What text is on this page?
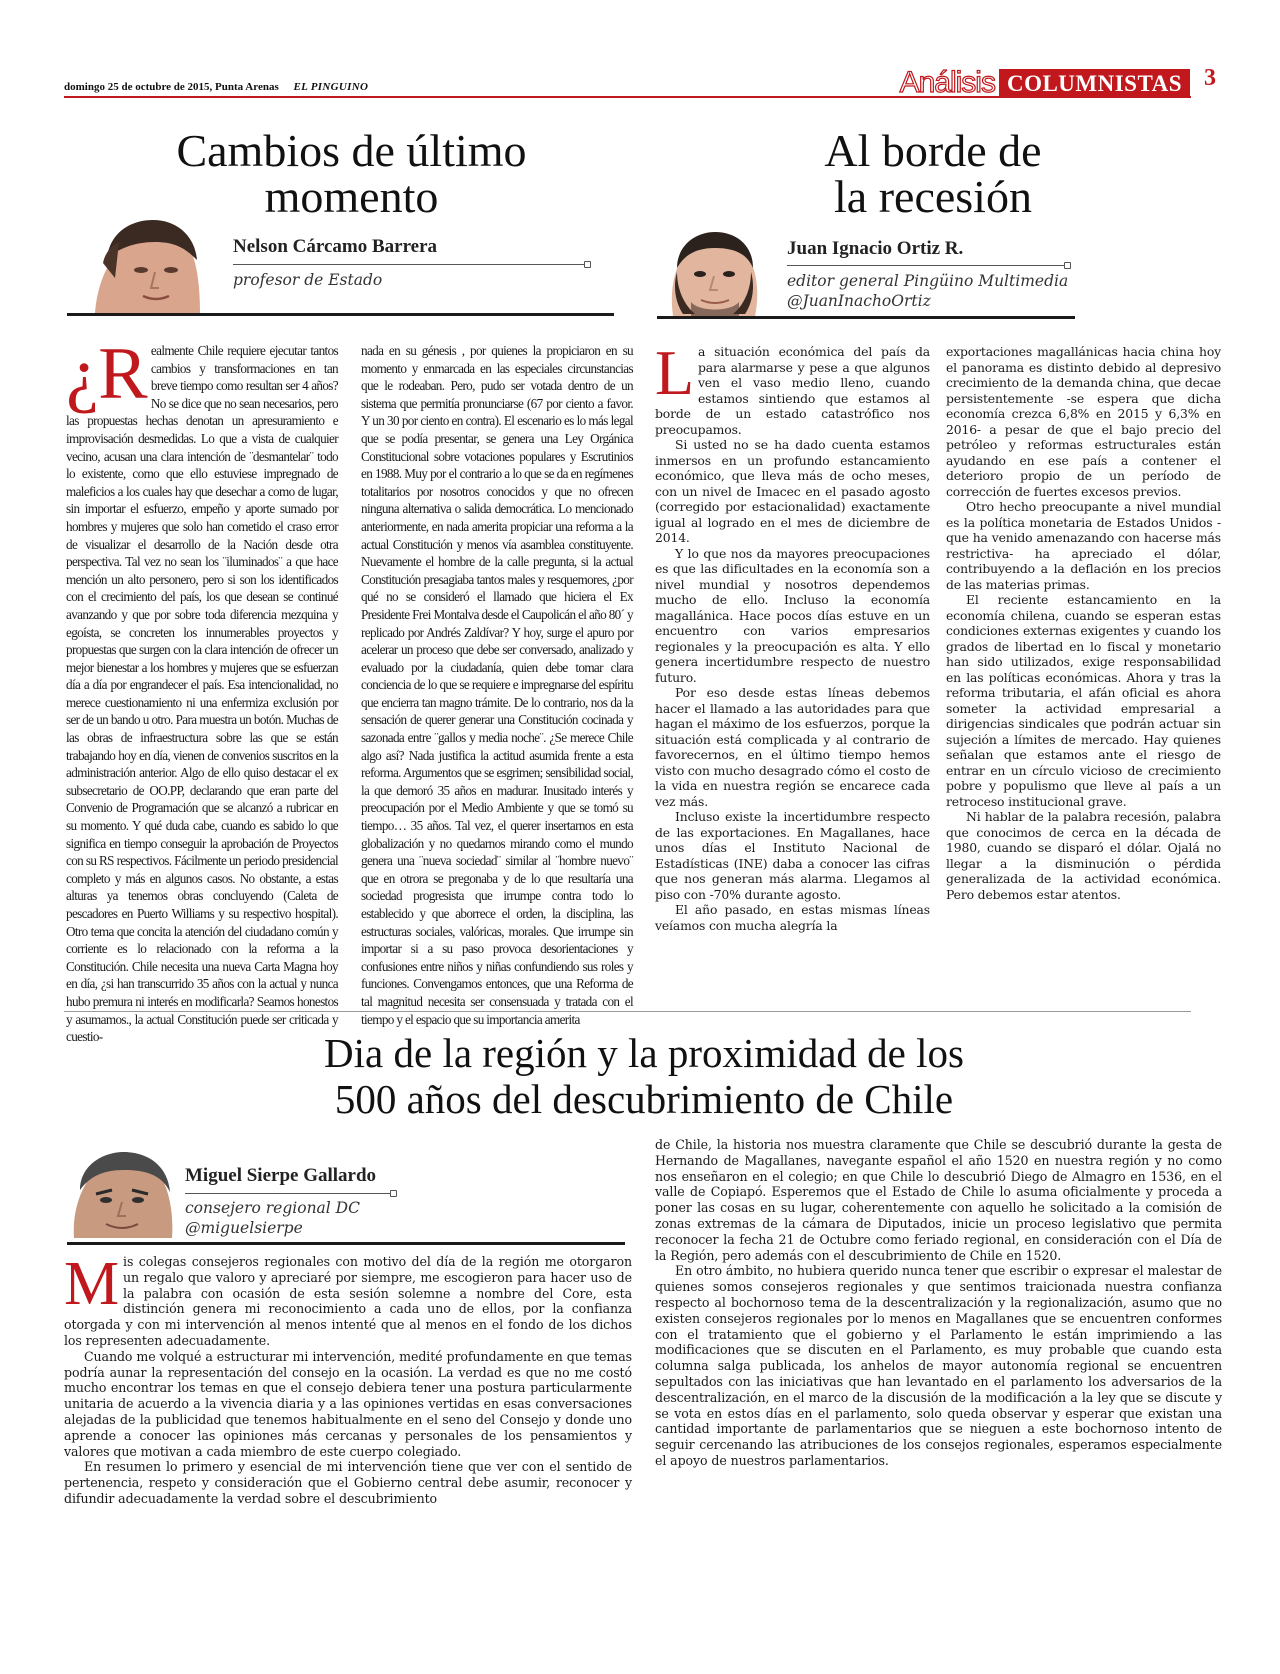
domingo 25 de octubre de 2015, Punta Arenas EL PINGUINO	Análisis COLUMNISTAS 3
Cambios de último
momento
Nelson Cárcamo Barrera
profesor de Estado
¿R ealmente Chile requiere ejecutar tantos cambios y transformaciones en tan breve tiempo como resultan ser 4 años? No se dice que no sean necesarios, pero las propuestas hechas denotan un apresuramiento e improvisación desmedidas. Lo que a vista de cualquier vecino, acusan una clara intención de ¨desmantelar¨ todo lo existente, como que ello estuviese impregnado de maleficios a los cuales hay que desechar a como de lugar, sin importar el esfuerzo, empeño y aporte sumado por hombres y mujeres que solo han cometido el craso error de visualizar el desarrollo de la Nación desde otra perspectiva. Tal vez no sean los ¨iluminados¨ a que hace mención un alto personero, pero si son los identificados con el crecimiento del país, los que desean se continué avanzando y que por sobre toda diferencia mezquina y egoísta, se concreten los innumerables proyectos y propuestas que surgen con la clara intención de ofrecer un mejor bienestar a los hombres y mujeres que se esfuerzan día a día por engrandecer el país. Esa intencionalidad, no merece cuestionamiento ni una enfermiza exclusión por ser de un bando u otro. Para muestra un botón. Muchas de las obras de infraestructura sobre las que se están trabajando hoy en día, vienen de convenios suscritos en la administración anterior. Algo de ello quiso destacar el ex subsecretario de OO.PP, declarando que eran parte del Convenio de Programación que se alcanzó a rubricar en su momento. Y qué duda cabe, cuando es sabido lo que significa en tiempo conseguir la aprobación de Proyectos con su RS respectivos. Fácilmente un periodo presidencial completo y más en algunos casos. No obstante, a estas alturas ya tenemos obras concluyendo (Caleta de pescadores en Puerto Williams y su respectivo hospital). Otro tema que concita la atención del ciudadano común y corriente es lo relacionado con la reforma a la Constitución. Chile necesita una nueva Carta Magna hoy en día, ¿si han transcurrido 35 años con la actual y nunca hubo premura ni interés en modificarla? Seamos honestos y asumamos., la actual Constitución puede ser criticada y cuestio-

nada en su génesis , por quienes la propiciaron en su momento y enmarcada en las especiales circunstancias que le rodeaban. Pero, pudo ser votada dentro de un sistema que permitía pronunciarse (67 por ciento a favor. Y un 30 por ciento en contra). El escenario es lo más legal que se podía presentar, se genera una Ley Orgánica Constitucional sobre votaciones populares y Escrutinios en 1988. Muy por el contrario a lo que se da en regímenes totalitarios por nosotros conocidos y que no ofrecen ninguna alternativa o salida democrática. Lo mencionado anteriormente, en nada amerita propiciar una reforma a la actual Constitución y menos vía asamblea constituyente. Nuevamente el hombre de la calle pregunta, si la actual Constitución presagiaba tantos males y resquemores, ¿por qué no se consideró el llamado que hiciera el Ex Presidente Frei Montalva desde el Caupolicán el año 80´ y replicado por Andrés Zaldívar? Y hoy, surge el apuro por acelerar un proceso que debe ser conversado, analizado y evaluado por la ciudadanía, quien debe tomar clara conciencia de lo que se requiere e impregnarse del espíritu que encierra tan magno trámite. De lo contrario, nos da la sensación de querer generar una Constitución cocinada y sazonada entre ¨gallos y media noche¨. ¿Se merece Chile algo así? Nada justifica la actitud asumida frente a esta reforma. Argumentos que se esgrimen; sensibilidad social, la que demoró 35 años en madurar. Inusitado interés y preocupación por el Medio Ambiente y que se tomó su tiempo… 35 años. Tal vez, el querer insertarnos en esta globalización y no quedarnos mirando como el mundo genera una ¨nueva sociedad¨ similar al ¨hombre nuevo¨ que en otrora se pregonaba y de lo que resultaría una sociedad progresista que irrumpe contra todo lo establecido y que aborrece el orden, la disciplina, las estructuras sociales, valóricas, morales. Que irrumpe sin importar si a su paso provoca desorientaciones y confusiones entre niños y niñas confundiendo sus roles y funciones. Convengamos entonces, que una Reforma de tal magnitud necesita ser consensuada y tratada con el tiempo y el espacio que su importancia amerita

Al borde de
la recesión
Juan Ignacio Ortiz R.
editor general Pingüino Multimedia
@JuanInachoOrtiz
L a situación económica del país da para alarmarse y pese a que algunos ven el vaso medio lleno, cuando estamos sintiendo que estamos al borde de un estado catastrófico nos preocupamos.

Si usted no se ha dado cuenta estamos inmersos en un profundo estancamiento económico, que lleva más de ocho meses, con un nivel de Imacec en el pasado agosto (corregido por estacionalidad) exactamente igual al logrado en el mes de diciembre de 2014.

Y lo que nos da mayores preocupaciones es que las dificultades en la economía son a nivel mundial y nosotros dependemos mucho de ello. Incluso la economía magallánica. Hace pocos días estuve en un encuentro con varios empresarios regionales y la preocupación es alta. Y ello genera incertidumbre respecto de nuestro futuro.

Por eso desde estas líneas debemos hacer el llamado a las autoridades para que hagan el máximo de los esfuerzos, porque la situación está complicada y al contrario de favorecernos, en el último tiempo hemos visto con mucho desagrado cómo el costo de la vida en nuestra región se encarece cada vez más.

Incluso existe la incertidumbre respecto de las exportaciones. En Magallanes, hace unos días el Instituto Nacional de Estadísticas (INE) daba a conocer las cifras que nos generan más alarma. Llegamos al piso con -70% durante agosto.

El año pasado, en estas mismas líneas veíamos con mucha alegría la

exportaciones magallánicas hacia china hoy el panorama es distinto debido al depresivo crecimiento de la demanda china, que decae persistentemente -se espera que dicha economía crezca 6,8% en 2015 y 6,3% en 2016- a pesar de que el bajo precio del petróleo y reformas estructurales están ayudando en ese país a contener el deterioro propio de un período de corrección de fuertes excesos previos.

Otro hecho preocupante a nivel mundial es la política monetaria de Estados Unidos -que ha venido amenazando con hacerse más restrictiva- ha apreciado el dólar, contribuyendo a la deflación en los precios de las materias primas.

El reciente estancamiento en la economía chilena, cuando se esperan estas condiciones externas exigentes y cuando los grados de libertad en lo fiscal y monetario han sido utilizados, exige responsabilidad en las políticas económicas. Ahora y tras la reforma tributaria, el afán oficial es ahora someter la actividad empresarial a dirigencias sindicales que podrán actuar sin sujeción a límites de mercado. Hay quienes señalan que estamos ante el riesgo de entrar en un círculo vicioso de crecimiento pobre y populismo que lleve al país a un retroceso institucional grave.

Ni hablar de la palabra recesión, palabra que conocimos de cerca en la década de 1980, cuando se disparó el dólar. Ojalá no llegar a la disminución o pérdida generalizada de la actividad económica. Pero debemos estar atentos.

Dia de la región y la proximidad de los
500 años del descubrimiento de Chile
Miguel Sierpe Gallardo
consejero regional DC
@miguelsierpe
M is colegas consejeros regionales con motivo del día de la región me otorgaron un regalo que valoro y apreciaré por siempre, me escogieron para hacer uso de la palabra con ocasión de esta sesión solemne a nombre del Core, esta distinción genera mi reconocimiento a cada uno de ellos, por la confianza otorgada y con mi intervención al menos intenté que al menos en el fondo de los dichos los representen adecuadamente.

Cuando me volqué a estructurar mi intervención, medité profundamente en que temas podría aunar la representación del consejo en la ocasión. La verdad es que no me costó mucho encontrar los temas en que el consejo debiera tener una postura particularmente unitaria de acuerdo a la vivencia diaria y a las opiniones vertidas en esas conversaciones alejadas de la publicidad que tenemos habitualmente en el seno del Consejo y donde uno aprende a conocer las opiniones más cercanas y personales de los pensamientos y valores que motivan a cada miembro de este cuerpo colegiado.

En resumen lo primero y esencial de mi intervención tiene que ver con el sentido de pertenencia, respeto y consideración que el Gobierno central debe asumir, reconocer y difundir adecuadamente la verdad sobre el descubrimiento

de Chile, la historia nos muestra claramente que Chile se descubrió durante la gesta de Hernando de Magallanes, navegante español el año 1520 en nuestra región y no como nos enseñaron en el colegio; en que Chile lo descubrió Diego de Almagro en 1536, en el valle de Copiapó. Esperemos que el Estado de Chile lo asuma oficialmente y proceda a poner las cosas en su lugar, coherentemente con aquello he solicitado a la comisión de zonas extremas de la cámara de Diputados, inicie un proceso legislativo que permita reconocer la fecha 21 de Octubre como feriado regional, en consideración con el Día de la Región, pero además con el descubrimiento de Chile en 1520.

En otro ámbito, no hubiera querido nunca tener que escribir o expresar el malestar de quienes somos consejeros regionales y que sentimos traicionada nuestra confianza respecto al bochornoso tema de la descentralización y la regionalización, asumo que no existen consejeros regionales por lo menos en Magallanes que se encuentren conformes con el tratamiento que el gobierno y el Parlamento le están imprimiendo a las modificaciones que se discuten en el Parlamento, es muy probable que cuando esta columna salga publicada, los anhelos de mayor autonomía regional se encuentren sepultados con las iniciativas que han levantado en el parlamento los adversarios de la descentralización, en el marco de la discusión de la modificación a la ley que se discute y se vota en estos días en el parlamento, solo queda observar y esperar que existan una cantidad importante de parlamentarios que se nieguen a este bochornoso intento de seguir cercenando las atribuciones de los consejos regionales, esperamos especialmente el apoyo de nuestros parlamentarios.
